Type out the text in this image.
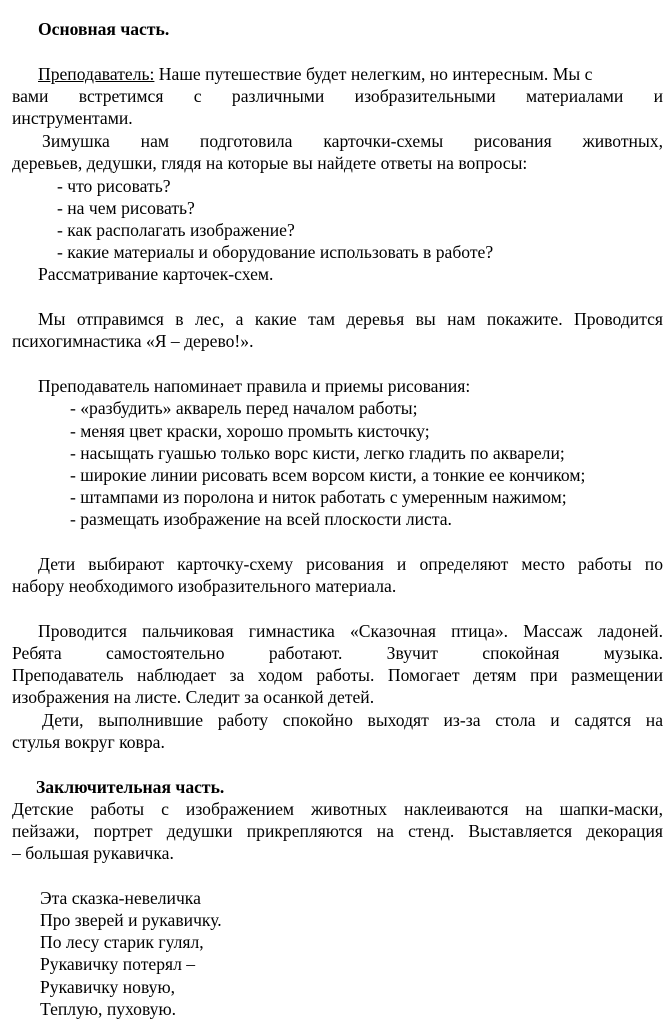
Основная часть.
Преподаватель: Наше путешествие будет нелегким, но интересным. Мы с
вами встретимся с различными изобразительными материалами и
инструментами.
Зимушка нам подготовила карточки-схемы рисования животных,
деревьев, дедушки, глядя на которые вы найдете ответы на вопросы:
- что рисовать?
- на чем рисовать?
- как располагать изображение?
- какие материалы и оборудование использовать в работе?
Рассматривание карточек-схем.
Мы отправимся в лес, а какие там деревья вы нам покажите. Проводится
психогимнастика «Я – дерево!».
Преподаватель напоминает правила и приемы рисования:
- «разбудить» акварель перед началом работы;
- меняя цвет краски, хорошо промыть кисточку;
- насыщать гуашью только ворс кисти, легко гладить по акварели;
- широкие линии рисовать всем ворсом кисти, а тонкие ее кончиком;
- штампами из поролона и ниток работать с умеренным нажимом;
- размещать изображение на всей плоскости листа.
Дети выбирают карточку-схему рисования и определяют место работы по
набору необходимого изобразительного материала.
Проводится пальчиковая гимнастика «Сказочная птица». Массаж ладоней.
Ребята самостоятельно работают. Звучит спокойная музыка.
Преподаватель наблюдает за ходом работы. Помогает детям при размещении
изображения на листе. Следит за осанкой детей.
Дети, выполнившие работу спокойно выходят из-за стола и садятся на
стулья вокруг ковра.
Заключительная часть.
Детские работы с изображением животных наклеиваются на шапки-маски,
пейзажи, портрет дедушки прикрепляются на стенд. Выставляется декорация
– большая рукавичка.
Эта сказка-невеличка
Про зверей и рукавичку.
По лесу старик гулял,
Рукавичку потерял –
Рукавичку новую,
Теплую, пуховую.
